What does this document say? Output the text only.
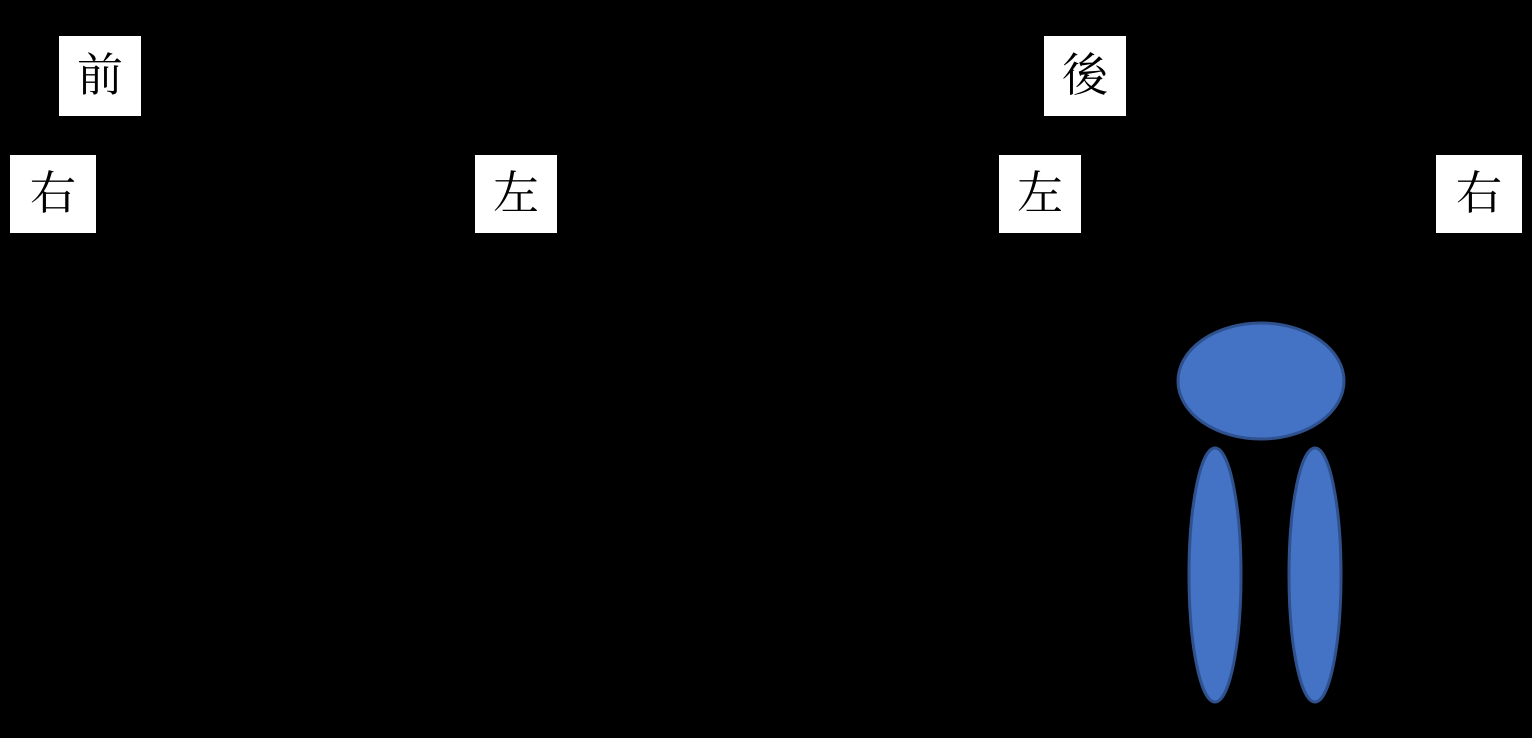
前	後
右	左	左	右
